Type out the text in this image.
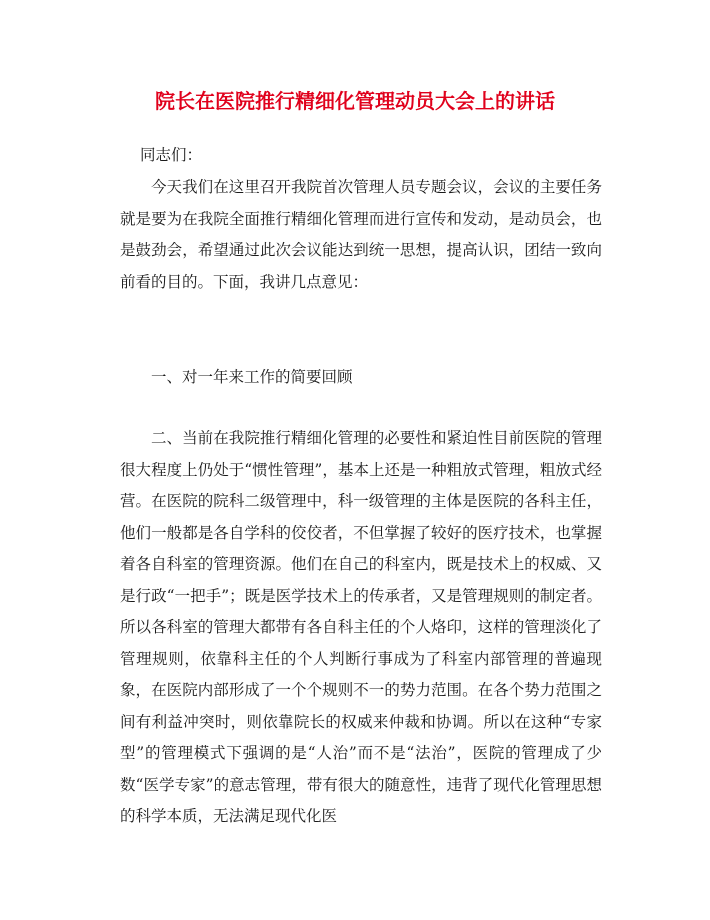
院长在医院推行精细化管理动员大会上的讲话
同志们：
今天我们在这里召开我院首次管理人员专题会议，会议的主要任务就是要为在我院全面推行精细化管理而进行宣传和发动，是动员会，也是鼓劲会，希望通过此次会议能达到统一思想，提高认识，团结一致向前看的目的。下面，我讲几点意见：
一、对一年来工作的简要回顾
二、当前在我院推行精细化管理的必要性和紧迫性目前医院的管理很大程度上仍处于“惯性管理”，基本上还是一种粗放式管理，粗放式经营。在医院的院科二级管理中，科一级管理的主体是医院的各科主任，他们一般都是各自学科的佼佼者，不但掌握了较好的医疗技术，也掌握着各自科室的管理资源。他们在自己的科室内，既是技术上的权威、又是行政“一把手”；既是医学技术上的传承者，又是管理规则的制定者。所以各科室的管理大都带有各自科主任的个人烙印，这样的管理淡化了管理规则，依靠科主任的个人判断行事成为了科室内部管理的普遍现象，在医院内部形成了一个个规则不一的势力范围。在各个势力范围之间有利益冲突时，则依靠院长的权威来仲裁和协调。所以在这种“专家型”的管理模式下强调的是“人治”而不是“法治”，医院的管理成了少数“医学专家”的意志管理，带有很大的随意性，违背了现代化管理思想的科学本质，无法满足现代化医
